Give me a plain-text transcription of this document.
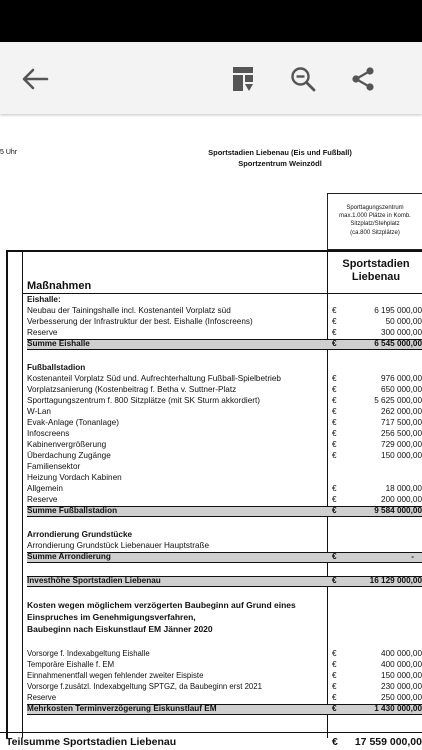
5 Uhr	Sportstadien Liebenau (Eis und Fußball)
Sportzentrum Weinzödl
Sporttagungszentrum
max.1.000 Plätze in Komb.
Sitzplatz/Stehplatz
(ca.800 Sitzplätze)
Maßnahmen
Sportstadien
Liebenau
Eishalle:
Neubau der Tainingshalle incl. Kostenanteil Vorplatz süd	€	6 195 000,00
Verbesserung der Infrastruktur der best. Eishalle (Infoscreens)	€	50 000,00
Reserve	€	300 000,00
Summe Eishalle	€	6 545 000,00
Fußballstadion
Kostenanteil Vorplatz Süd und. Aufrechterhaltung Fußball-Spielbetrieb	€	976 000,00
Vorplatzsanierung (Kostenbeitrag f. Betha v. Suttner-Platz	€	650 000,00
Sporttagungszentrum f. 800 Sitzplätze (mit SK Sturm akkordiert)	€	5 625 000,00
W-Lan	€	262 000,00
Evak-Anlage (Tonanlage)	€	717 500,00
Infoscreens	€	256 500,00
Kabinenvergrößerung	€	729 000,00
Überdachung Zugänge	€	150 000,00
Familiensektor
Heizung Vordach Kabinen
Allgemein	€	18 000,00
Reserve	€	200 000,00
Summe Fußballstadion	€	9 584 000,00
Arrondierung Grundstücke
Arrondierung Grundstück Liebenauer Hauptstraße
Summe Arrondierung	€	-
Investhöhe Sportstadien Liebenau	€	16 129 000,00
Kosten wegen möglichem verzögerten Baubeginn auf Grund eines
Einspruches im Genehmigungsverfahren,
Baubeginn nach Eiskunstlauf EM Jänner 2020
Vorsorge f. Indexabgeltung Eishalle	€	400 000,00
Temporäre Eishalle f. EM	€	400 000,00
Einnahmenentfall wegen fehlender zweiter Eispiste	€	150 000,00
Vorsorge f.zusätzl. Indexabgeltung SPTGZ, da Baubeginn erst 2021	€	230 000,00
Reserve	€	250 000,00
Mehrkosten Terminverzögerung Eiskunstlauf EM	€	1 430 000,00
Teilsumme Sportstadien Liebenau	€ 17 559 000,00
